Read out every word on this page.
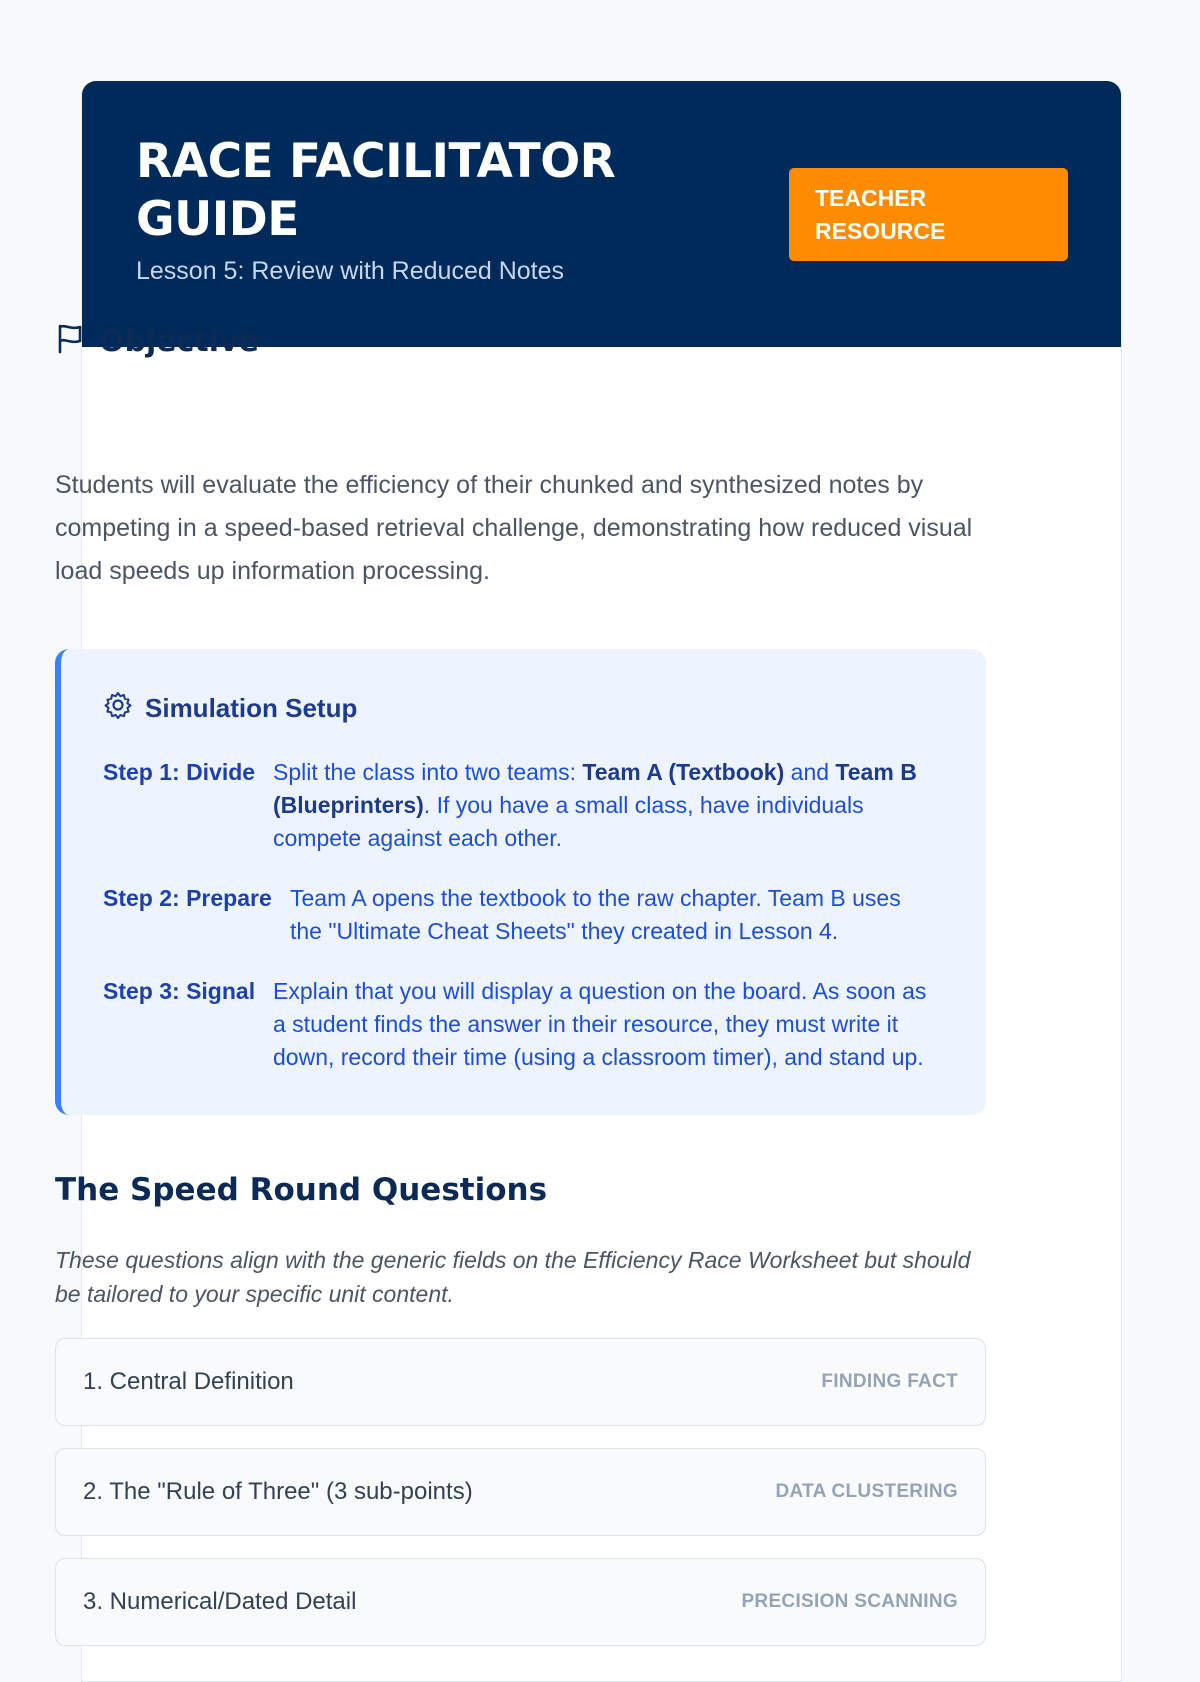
RACE FACILITATOR GUIDE
Lesson 5: Review with Reduced Notes
TEACHER RESOURCE
Objective

Students will evaluate the efficiency of their chunked and synthesized notes by competing in a speed-based retrieval challenge, demonstrating how reduced visual load speeds up information processing.

Simulation Setup
Step 1: Divide Split the class into two teams: Team A (Textbook) and Team B (Blueprinters). If you have a small class, have individuals compete against each other.
Step 2: Prepare Team A opens the textbook to the raw chapter. Team B uses the "Ultimate Cheat Sheets" they created in Lesson 4.
Step 3: Signal Explain that you will display a question on the board. As soon as a student finds the answer in their resource, they must write it down, record their time (using a classroom timer), and stand up.
The Speed Round Questions

These questions align with the generic fields on the Efficiency Race Worksheet but should be tailored to your specific unit content.

1. Central Definition	FINDING FACT
2. The "Rule of Three" (3 sub-points)	DATA CLUSTERING
3. Numerical/Dated Detail	PRECISION SCANNING
